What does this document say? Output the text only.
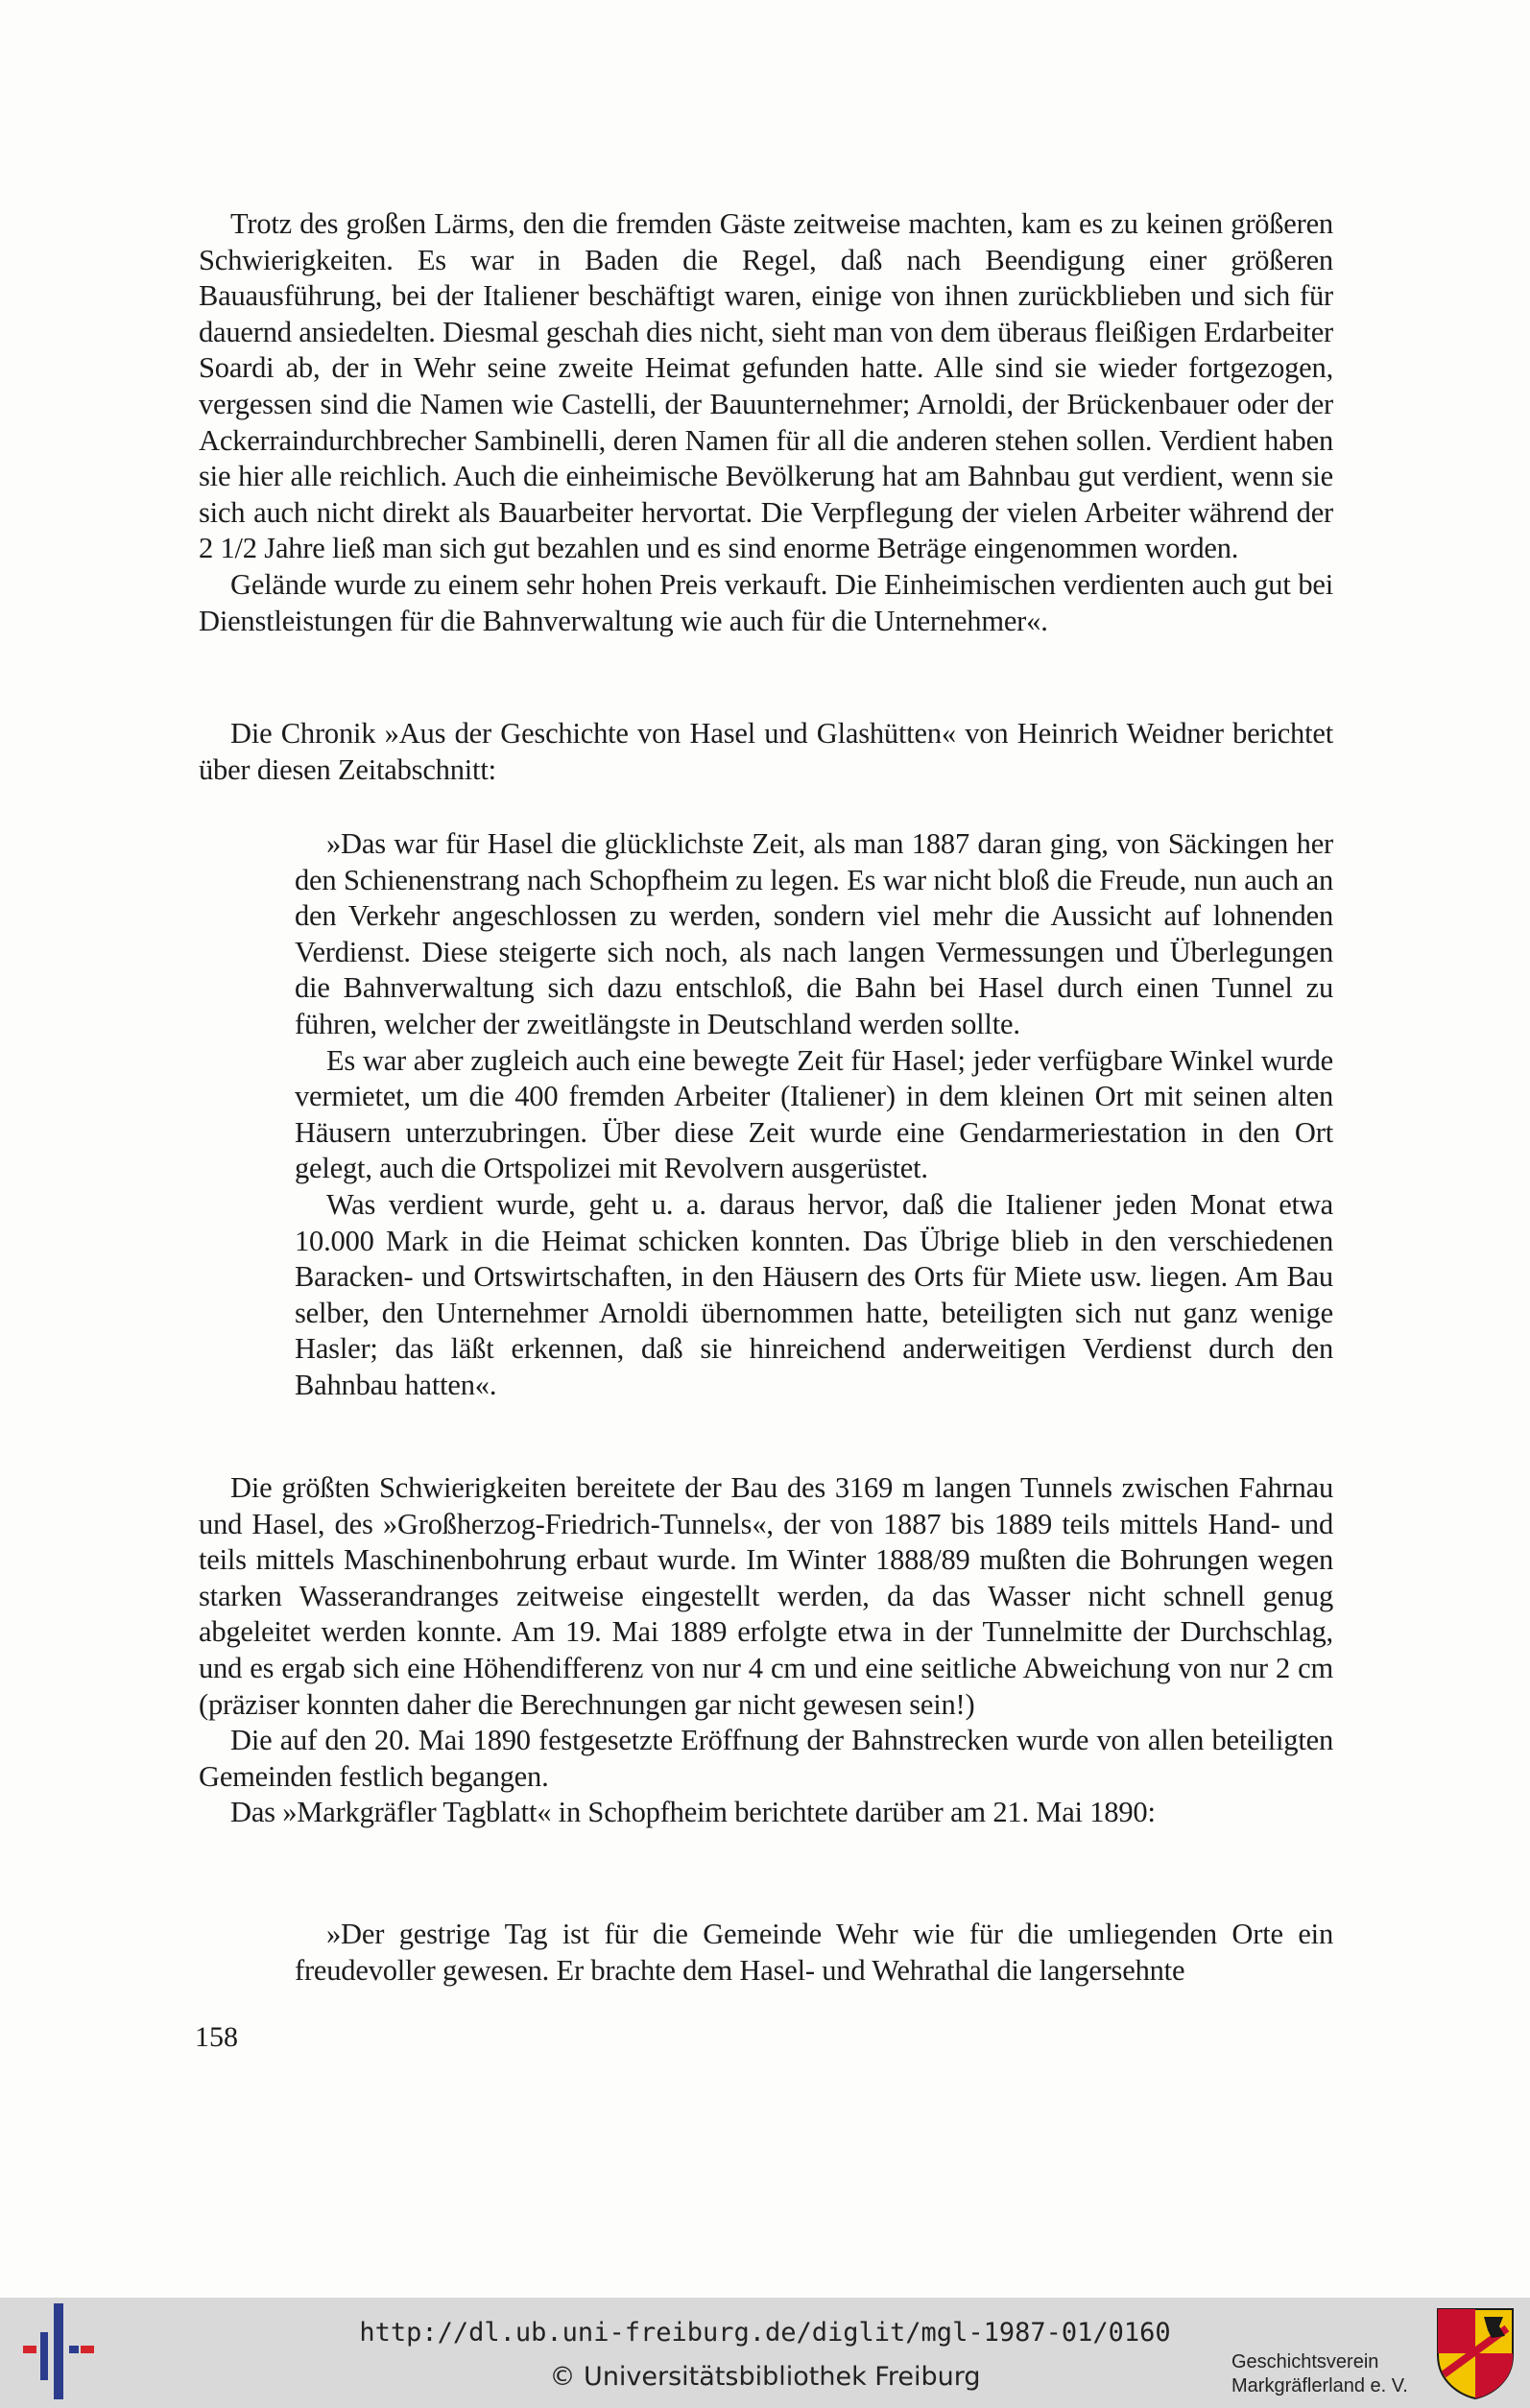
Trotz des großen Lärms, den die fremden Gäste zeitweise machten, kam es zu keinen größeren Schwierigkeiten. Es war in Baden die Regel, daß nach Beendigung einer größeren Bauausführung, bei der Italiener beschäftigt waren, einige von ihnen zurückblieben und sich für dauernd ansiedelten. Diesmal geschah dies nicht, sieht man von dem überaus fleißigen Erdarbeiter Soardi ab, der in Wehr seine zweite Heimat gefunden hatte. Alle sind sie wieder fortgezogen, vergessen sind die Namen wie Castelli, der Bauunternehmer; Arnoldi, der Brückenbauer oder der Ackerraindurchbrecher Sambinelli, deren Namen für all die anderen stehen sollen. Verdient haben sie hier alle reichlich. Auch die einheimische Bevölkerung hat am Bahnbau gut verdient, wenn sie sich auch nicht direkt als Bauarbeiter hervortat. Die Verpflegung der vielen Arbeiter während der 2 1/2 Jahre ließ man sich gut bezahlen und es sind enorme Beträge eingenommen worden.

Gelände wurde zu einem sehr hohen Preis verkauft. Die Einheimischen verdienten auch gut bei Dienstleistungen für die Bahnverwaltung wie auch für die Unternehmer«.

Die Chronik »Aus der Geschichte von Hasel und Glashütten« von Heinrich Weidner berichtet über diesen Zeitabschnitt:

»Das war für Hasel die glücklichste Zeit, als man 1887 daran ging, von Säckingen her den Schienenstrang nach Schopfheim zu legen. Es war nicht bloß die Freude, nun auch an den Verkehr angeschlossen zu werden, sondern viel mehr die Aussicht auf lohnenden Verdienst. Diese steigerte sich noch, als nach langen Vermessungen und Überlegungen die Bahnverwaltung sich dazu entschloß, die Bahn bei Hasel durch einen Tunnel zu führen, welcher der zweitlängste in Deutschland werden sollte.

Es war aber zugleich auch eine bewegte Zeit für Hasel; jeder verfügbare Winkel wurde vermietet, um die 400 fremden Arbeiter (Italiener) in dem kleinen Ort mit seinen alten Häusern unterzubringen. Über diese Zeit wurde eine Gendarmeriestation in den Ort gelegt, auch die Ortspolizei mit Revolvern ausgerüstet.

Was verdient wurde, geht u. a. daraus hervor, daß die Italiener jeden Monat etwa 10.000 Mark in die Heimat schicken konnten. Das Übrige blieb in den verschiedenen Baracken- und Ortswirtschaften, in den Häusern des Orts für Miete usw. liegen. Am Bau selber, den Unternehmer Arnoldi übernommen hatte, beteiligten sich nut ganz wenige Hasler; das läßt erkennen, daß sie hinreichend anderweitigen Verdienst durch den Bahnbau hatten«.

Die größten Schwierigkeiten bereitete der Bau des 3169 m langen Tunnels zwischen Fahrnau und Hasel, des »Großherzog-Friedrich-Tunnels«, der von 1887 bis 1889 teils mittels Hand- und teils mittels Maschinenbohrung erbaut wurde. Im Winter 1888/89 mußten die Bohrungen wegen starken Wasserandranges zeitweise eingestellt werden, da das Wasser nicht schnell genug abgeleitet werden konnte. Am 19. Mai 1889 erfolgte etwa in der Tunnelmitte der Durchschlag, und es ergab sich eine Höhendifferenz von nur 4 cm und eine seitliche Abweichung von nur 2 cm (präziser konnten daher die Berechnungen gar nicht gewesen sein!)

Die auf den 20. Mai 1890 festgesetzte Eröffnung der Bahnstrecken wurde von allen beteiligten Gemeinden festlich begangen.

Das »Markgräfler Tagblatt« in Schopfheim berichtete darüber am 21. Mai 1890:

»Der gestrige Tag ist für die Gemeinde Wehr wie für die umliegenden Orte ein freudevoller gewesen. Er brachte dem Hasel- und Wehrathal die langersehnte

158
http://dl.ub.uni-freiburg.de/diglit/mgl-1987-01/0160
© Universitätsbibliothek Freiburg	Geschichtsverein
Markgräflerland e. V.
